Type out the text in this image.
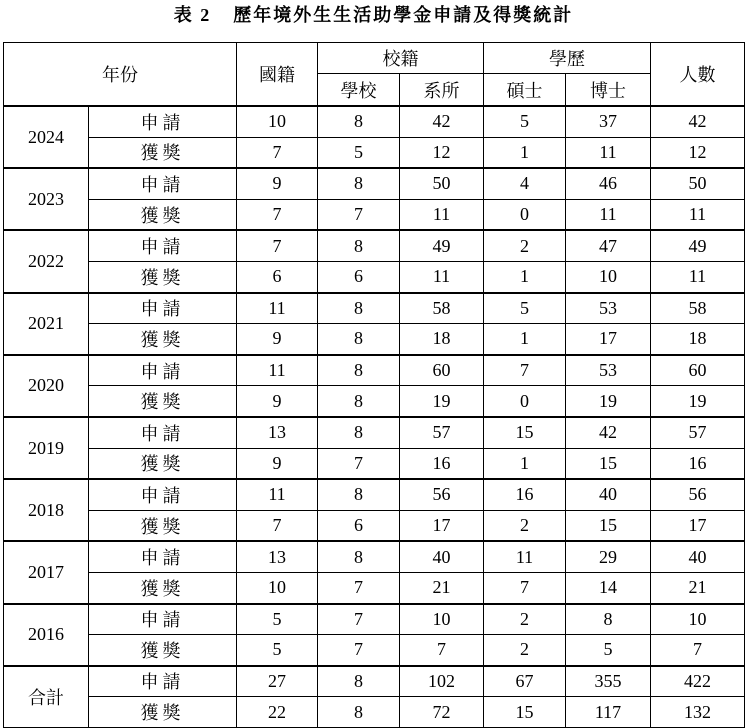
表 2 歷年境外生生活助學金申請及得獎統計
年份		國籍	校籍		學歷		人數
			學校	系所	碩士	博士	
2024	申請	10	8	42	5	37	42
	獲獎	7	5	12	1	11	12
2023	申請	9	8	50	4	46	50
	獲獎	7	7	11	0	11	11
2022	申請	7	8	49	2	47	49
	獲獎	6	6	11	1	10	11
2021	申請	11	8	58	5	53	58
	獲獎	9	8	18	1	17	18
2020	申請	11	8	60	7	53	60
	獲獎	9	8	19	0	19	19
2019	申請	13	8	57	15	42	57
	獲獎	9	7	16	1	15	16
2018	申請	11	8	56	16	40	56
	獲獎	7	6	17	2	15	17
2017	申請	13	8	40	11	29	40
	獲獎	10	7	21	7	14	21
2016	申請	5	7	10	2	8	10
	獲獎	5	7	7	2	5	7
合計	申請	27	8	102	67	355	422
	獲獎	22	8	72	15	117	132
